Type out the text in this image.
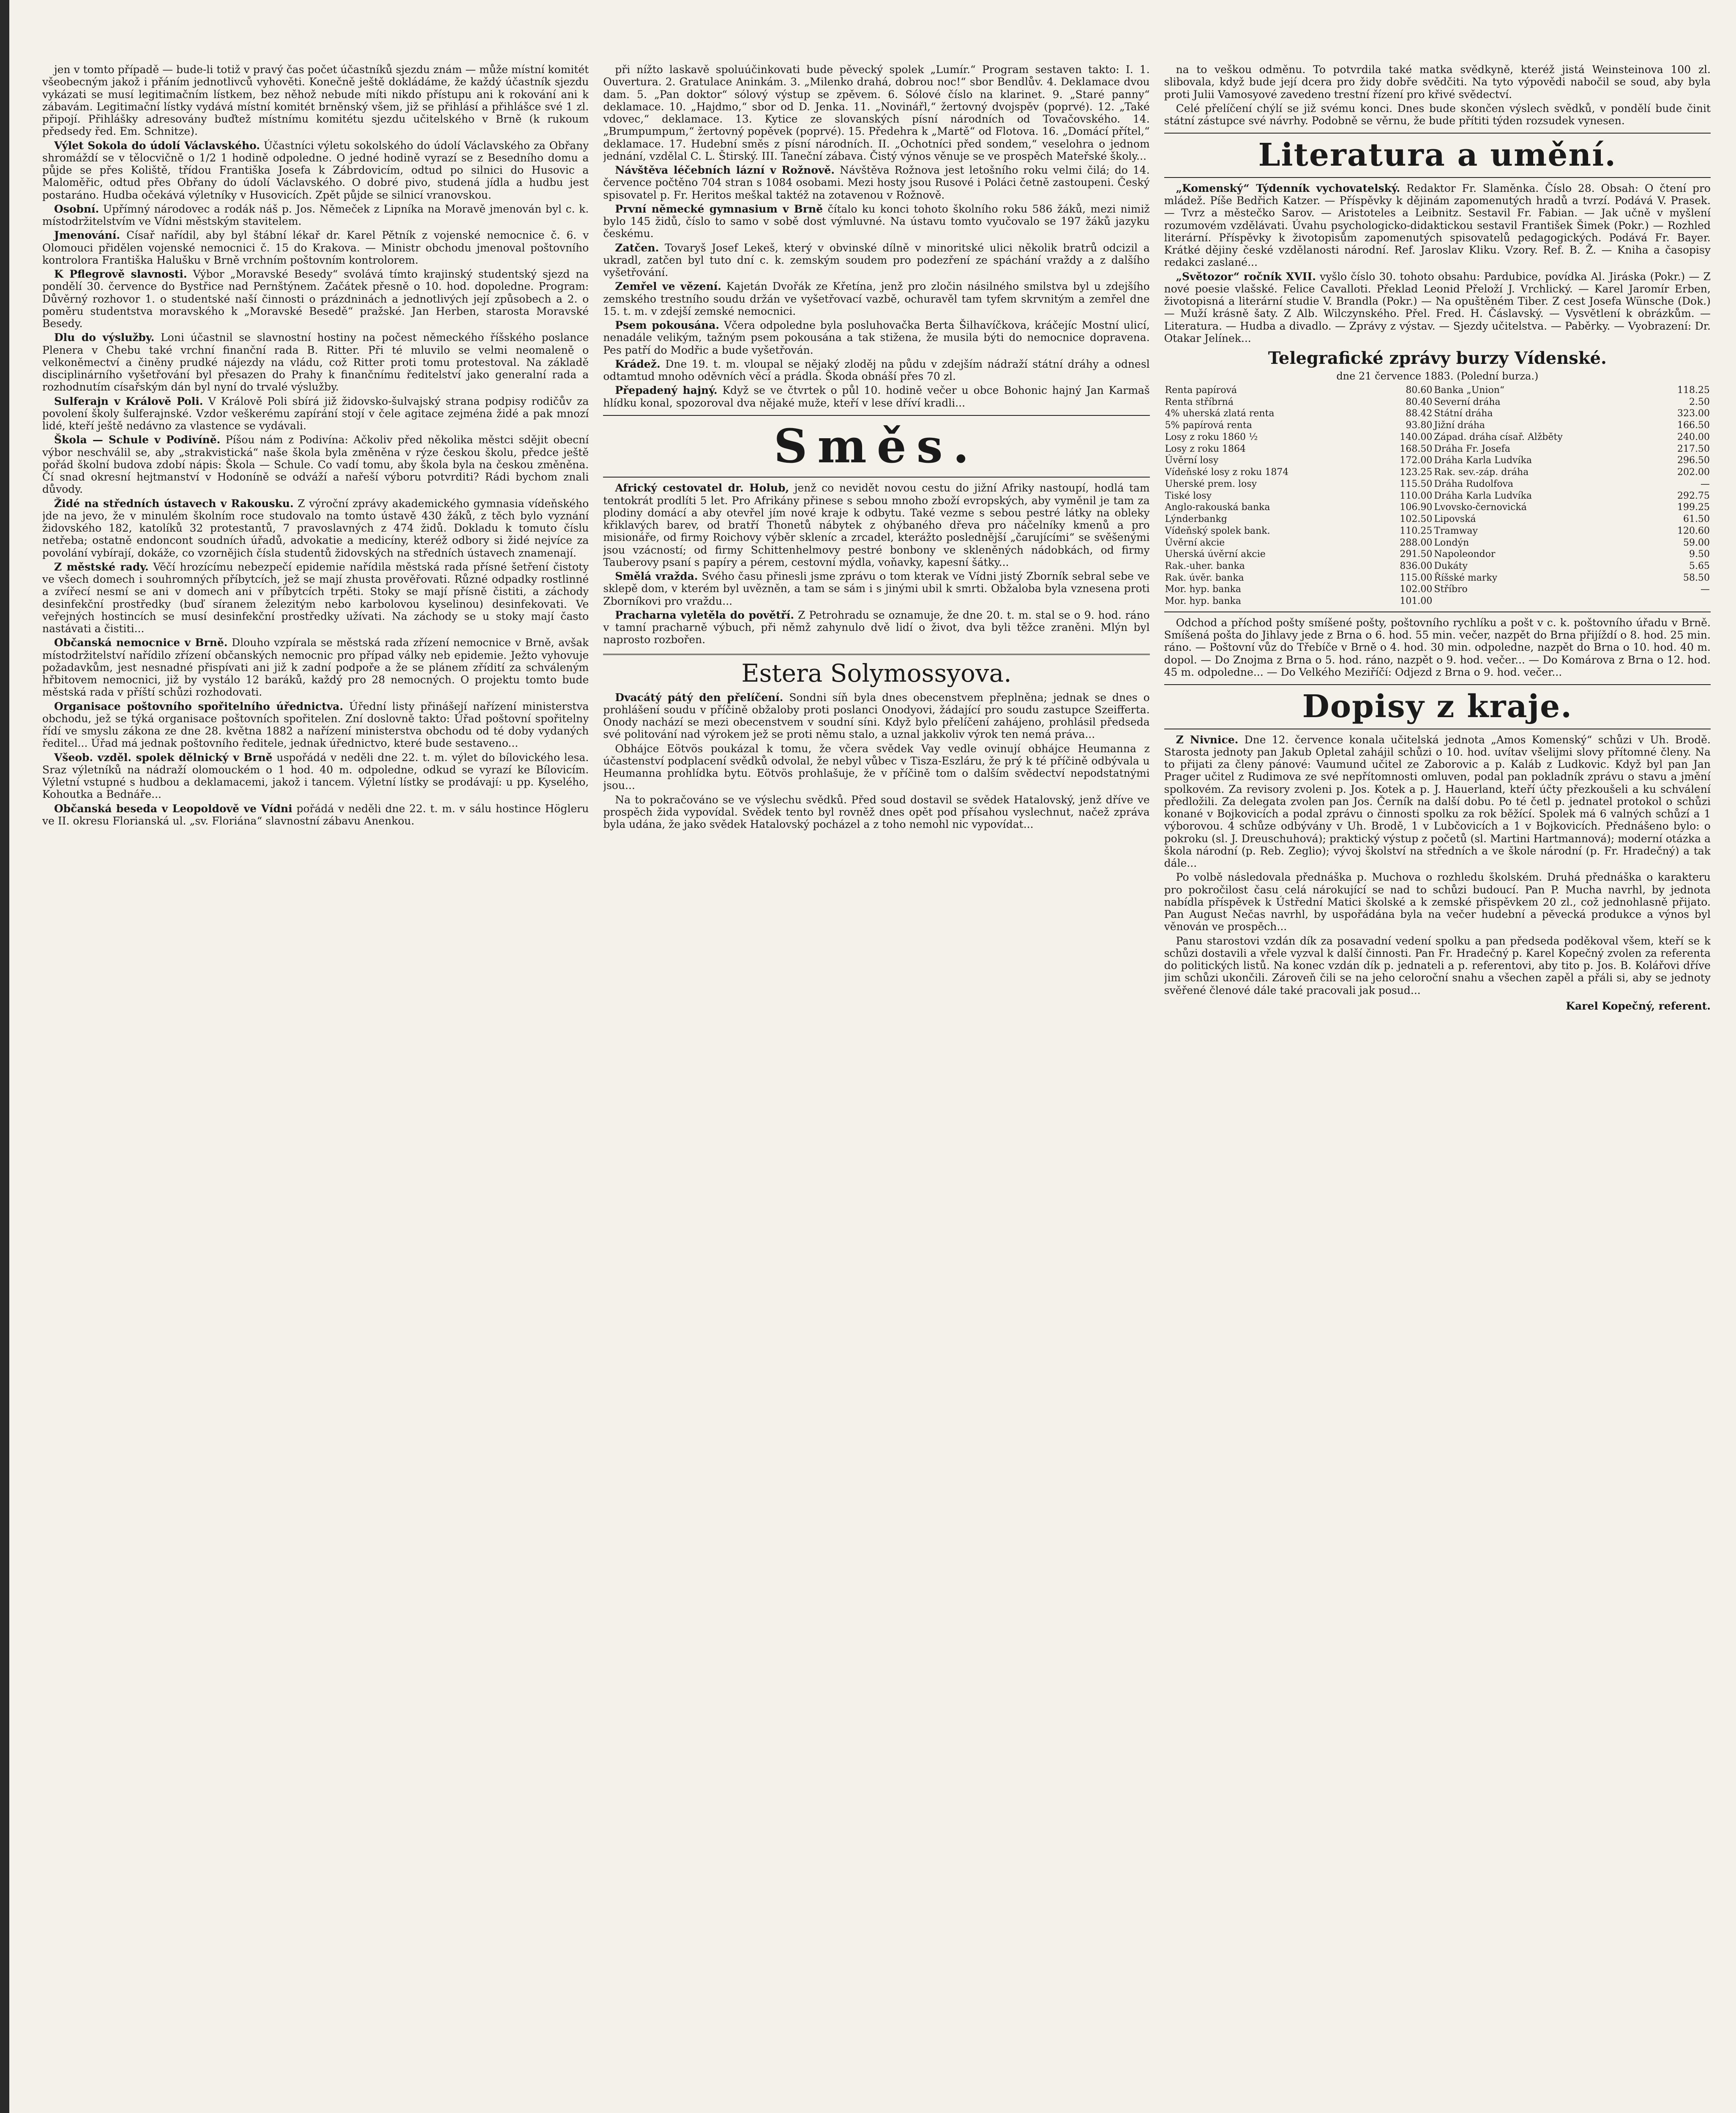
jen v tomto případě — bude-li totiž v pravý čas počet účastníků sjezdu znám — může místní komitét všeobecným jakož i přáním jednotlivců vyhověti. Konečně ještě dokládáme, že každý účastník sjezdu vykázati se musí legitimačním lístkem, bez něhož nebude míti nikdo přístupu ani k rokování ani k zábavám. Legitimační lístky vydává místní komitét brněnský všem, již se přihlásí a přihlášce své 1 zl. připojí. Přihlášky adresovány buďtež místnímu komitétu sjezdu učitelského v Brně (k rukoum předsedy řed. Em. Schnitze).

Výlet Sokola do údolí Václavského. Účastníci výletu sokolského do údolí Václavského za Obřany shromáždí se v tělocvičně o 1/2 1 hodině odpoledne. O jedné hodině vyrazí se z Besedního domu a půjde se přes Koliště, třídou Františka Josefa k Zábrdovicím, odtud po silnici do Husovic a Maloměřic, odtud přes Obřany do údolí Václavského. O dobré pivo, studená jídla a hudbu jest postaráno. Hudba očekává výletníky v Husovicích. Zpět půjde se silnicí vranovskou.

Osobní. Upřímný národovec a rodák náš p. Jos. Němeček z Lipníka na Moravě jmenován byl c. k. místodržitelstvím ve Vídni městským stavitelem.

Jmenování. Císař nařídil, aby byl štábní lékař dr. Karel Pětník z vojenské nemocnice č. 6. v Olomouci přidělen vojenské nemocnici č. 15 do Krakova. — Ministr obchodu jmenoval poštovního kontrolora Františka Halušku v Brně vrchním poštovním kontrolorem.

K Pflegrově slavnosti. Výbor „Moravské Besedy“ svolává tímto krajinský studentský sjezd na pondělí 30. července do Bystřice nad Pernštýnem. Začátek přesně o 10. hod. dopoledne. Program: Důvěrný rozhovor 1. o studentské naší činnosti o prázdninách a jednotlivých její způsobech a 2. o poměru studentstva moravského k „Moravské Besedě“ pražské. Jan Herben, starosta Moravské Besedy.

Dlu do výslužby. Loni účastnil se slavnostní hostiny na počest německého říšského poslance Plenera v Chebu také vrchní finanční rada B. Ritter. Při té mluvilo se velmi neomaleně o velkoněmectví a činěny prudké nájezdy na vládu, což Ritter proti tomu protestoval. Na základě disciplinárního vyšetřování byl přesazen do Prahy k finančnímu ředitelství jako generalní rada a rozhodnutím císařským dán byl nyní do trvalé výslužby.

Sulferajn v Králově Poli. V Králově Poli sbírá již židovsko-šulvajský strana podpisy rodičův za povolení školy šulferajnské. Vzdor veškerému zapírání stojí v čele agitace zejména židé a pak mnozí lidé, kteří ještě nedávno za vlastence se vydávali.

Škola — Schule v Podivíně. Píšou nám z Podivína: Ačkoliv před několika městci sdějit obecní výbor neschválil se, aby „strakvistická“ naše škola byla změněna v rýze českou školu, předce ještě pořád školní budova zdobí nápis: Škola — Schule. Co vadí tomu, aby škola byla na českou změněna. Čí snad okresní hejtmanství v Hodoníně se odváží a nařeší výboru potvrditi? Rádi bychom znali důvody.

Židé na středních ústavech v Rakousku. Z výroční zprávy akademického gymnasia vídeňského jde na jevo, že v minulém školním roce studovalo na tomto ústavě 430 žáků, z těch bylo vyznání židovského 182, katolíků 32 protestantů, 7 pravoslavných z 474 židů. Dokladu k tomuto číslu netřeba; ostatně endoncont soudních úřadů, advokatie a medicíny, kteréž odbory si židé nejvíce za povolání vybírají, dokáže, co vzornějich čísla studentů židovských na středních ústavech znamenají.

Z městské rady. Věčí hrozícímu nebezpečí epidemie nařídila městská rada přísné šetření čistoty ve všech domech i souhromných příbytcích, jež se mají zhusta prověřovati. Různé odpadky rostlinné a zvířecí nesmí se ani v domech ani v příbytcích trpěti. Stoky se mají přísně čistiti, a záchody desinfekční prostředky (buď síranem železitým nebo karbolovou kyselinou) desinfekovati. Ve veřejných hostincích se musí desinfekční prostředky užívati. Na záchody se u stoky mají často nastávati a čistiti...

Občanská nemocnice v Brně. Dlouho vzpírala se městská rada zřízení nemocnice v Brně, avšak místodržitelství nařídilo zřízení občanských nemocnic pro případ války neb epidemie. Ježto vyhovuje požadavkům, jest nesnadné přispívati ani již k zadní podpoře a že se plánem zřídití za schváleným hřbitovem nemocnici, již by vystálo 12 baráků, každý pro 28 nemocných. O projektu tomto bude městská rada v příští schůzi rozhodovati.

Organisace poštovního spořitelního úřednictva. Úřední listy přinášejí nařízení ministerstva obchodu, jež se týká organisace poštovních spořitelen. Zní doslovně takto: Úřad poštovní spořitelny řídí ve smyslu zákona ze dne 28. května 1882 a nařízení ministerstva obchodu od té doby vydaných ředitel... Úřad má jednak poštovního ředitele, jednak úřednictvo, které bude sestaveno...

Všeob. vzděl. spolek dělnický v Brně uspořádá v neděli dne 22. t. m. výlet do bílovického lesa. Sraz výletníků na nádraží olomouckém o 1 hod. 40 m. odpoledne, odkud se vyrazí ke Bílovicím. Výletní vstupné s hudbou a deklamacemi, jakož i tancem. Výletní lístky se prodávají: u pp. Kyselého, Kohoutka a Bednáře...

Občanská beseda v Leopoldově ve Vídni pořádá v neděli dne 22. t. m. v sálu hostince Högleru ve II. okresu Florianská ul. „sv. Floriána“ slavnostní zábavu Anenkou.

při nížto laskavě spoluúčinkovati bude pěvecký spolek „Lumír.“ Program sestaven takto: I. 1. Ouvertura. 2. Gratulace Aninkám. 3. „Milenko drahá, dobrou noc!“ sbor Bendlův. 4. Deklamace dvou dam. 5. „Pan doktor“ sólový výstup se zpěvem. 6. Sólové číslo na klarinet. 9. „Staré panny“ deklamace. 10. „Hajdmo,“ sbor od D. Jenka. 11. „Novinářl,“ žertovný dvojspěv (poprvé). 12. „Také vdovec,“ deklamace. 13. Kytice ze slovanských písní národních od Tovačovského. 14. „Brumpumpum,“ žertovný popěvek (poprvé). 15. Předehra k „Martě“ od Flotova. 16. „Domácí přítel,“ deklamace. 17. Hudební směs z písní národních. II. „Ochotníci před sondem,“ veselohra o jednom jednání, vzdělal C. L. Štirský. III. Taneční zábava. Čistý výnos věnuje se ve prospěch Mateřské školy...

Návštěva léčebních lázní v Rožnově. Návštěva Rožnova jest letošního roku velmi čilá; do 14. července počtěno 704 stran s 1084 osobami. Mezi hosty jsou Rusové i Poláci četně zastoupeni. Český spisovatel p. Fr. Heritos meškal taktéž na zotavenou v Rožnově.

První německé gymnasium v Brně čítalo ku konci tohoto školního roku 586 žáků, mezi nimiž bylo 145 židů, číslo to samo v sobě dost výmluvné. Na ústavu tomto vyučovalo se 197 žáků jazyku českému.

Zatčen. Tovaryš Josef Lekeš, který v obvinské dílně v minoritské ulici několik bratrů odcizil a ukradl, zatčen byl tuto dní c. k. zemským soudem pro podezření ze spáchání vraždy a z dalšího vyšetřování.

Zemřel ve vězení. Kajetán Dvořák ze Křetína, jenž pro zločin násilného smilstva byl u zdejšího zemského trestního soudu držán ve vyšetřovací vazbě, ochuravěl tam tyfem skrvnitým a zemřel dne 15. t. m. v zdejší zemské nemocnici.

Psem pokousána. Včera odpoledne byla posluhovačka Berta Šilhavíčkova, kráčejíc Mostní ulicí, nenadále velikým, tažným psem pokousána a tak stižena, že musila býti do nemocnice dopravena. Pes patří do Modřic a bude vyšetřován.

Krádež. Dne 19. t. m. vloupal se nějaký zloděj na půdu v zdejším nádraží státní dráhy a odnesl odtamtud mnoho oděvních věcí a prádla. Škoda obnáší přes 70 zl.

Přepadený hajný. Když se ve čtvrtek o půl 10. hodině večer u obce Bohonic hajný Jan Karmaš hlídku konal, spozoroval dva nějaké muže, kteří v lese dříví kradli...

Směs.

Africký cestovatel dr. Holub, jenž co nevidět novou cestu do jižní Afriky nastoupí, hodlá tam tentokrát prodlíti 5 let. Pro Afrikány přinese s sebou mnoho zboží evropských, aby vyměnil je tam za plodiny domácí a aby otevřel jím nové kraje k odbytu. Také vezme s sebou pestré látky na obleky křiklavých barev, od bratří Thonetů nábytek z ohýbaného dřeva pro náčelníky kmenů a pro misionáře, od firmy Roichovy výběr skleníc a zrcadel, kterážto poslednější „čarujícími“ se svěšenými jsou vzácností; od firmy Schittenhelmovy pestré bonbony ve skleněných nádobkách, od firmy Tauberovy psaní s papíry a pérem, cestovní mýdla, voňavky, kapesní šátky...

Smělá vražda. Svého času přinesli jsme zprávu o tom kterak ve Vídni jistý Zborník sebral sebe ve sklepě dom, v kterém byl uvězněn, a tam se sám i s jinými ubil k smrti. Obžaloba byla vznesena proti Zborníkovi pro vraždu...

Pracharna vyletěla do povětří. Z Petrohradu se oznamuje, že dne 20. t. m. stal se o 9. hod. ráno v tamní pracharně výbuch, při němž zahynulo dvě lidí o život, dva byli těžce zraněni. Mlýn byl naprosto rozbořen.

Estera Solymossyova.

Dvacátý pátý den přelíčení. Sondni síň byla dnes obecenstvem přeplněna; jednak se dnes o prohlášení soudu v příčině obžaloby proti poslanci Onodyovi, žádající pro soudu zastupce Szeifferta. Onody nachází se mezi obecenstvem v soudní síni. Když bylo přelíčení zahájeno, prohlásil předseda své politování nad výrokem jež se proti němu stalo, a uznal jakkoliv výrok ten nemá práva...

Obhájce Eötvös poukázal k tomu, že včera svědek Vay vedle ovinují obhájce Heumanna z účastenství podplacení svědků odvolal, že nebyl vůbec v Tisza-Eszláru, že prý k té příčině odbývala u Heumanna prohlídka bytu. Eötvös prohlašuje, že v příčině tom o dalším svědectví nepodstatnými jsou...

Na to pokračováno se ve výslechu svědků. Před soud dostavil se svědek Hatalovský, jenž dříve ve prospěch žida vypovídal. Svědek tento byl rovněž dnes opět pod přísahou vyslechnut, načež zpráva byla udána, že jako svědek Hatalovský pocházel a z toho nemohl nic vypovídat...

na to veškou odměnu. To potvrdila také matka svědkyně, kteréž jistá Weinsteinova 100 zl. slibovala, když bude její dcera pro židy dobře svědčiti. Na tyto výpovědi nabočil se soud, aby byla proti Julii Vamosyové zavedeno trestní řízení pro křivé svědectví.

Celé přelíčení chýlí se již svému konci. Dnes bude skončen výslech svědků, v pondělí bude činit státní zástupce své návrhy. Podobně se věrnu, že bude přítiti týden rozsudek vynesen.

Literatura a umění.

„Komenský“ Týdenník vychovatelský. Redaktor Fr. Slaměnka. Číslo 28. Obsah: O čtení pro mládež. Píše Bedřich Katzer. — Příspěvky k dějinám zapomenutých hradů a tvrzí. Podává V. Prasek. — Tvrz a městečko Sarov. — Aristoteles a Leibnitz. Sestavil Fr. Fabian. — Jak učně v myšlení rozumovém vzdělávati. Úvahu psychologicko-didaktickou sestavil František Šimek (Pokr.) — Rozhled literární. Příspěvky k životopisům zapomenutých spisovatelů pedagogických. Podává Fr. Bayer. Krátké dějiny české vzdělanosti národní. Ref. Jaroslav Kliku. Vzory. Ref. B. Ž. — Kniha a časopisy redakci zaslané...

„Světozor“ ročník XVII. vyšlo číslo 30. tohoto obsahu: Pardubice, povídka Al. Jiráska (Pokr.) — Z nové poesie vlašské. Felice Cavalloti. Překlad Leonid Přeloží J. Vrchlický. — Karel Jaromír Erben, životopisná a literární studie V. Brandla (Pokr.) — Na opuštěném Tiber. Z cest Josefa Wünsche (Dok.) — Muží krásně šaty. Z Alb. Wilczynského. Přel. Fred. H. Čáslavský. — Vysvětlení k obrázkům. — Literatura. — Hudba a divadlo. — Zprávy z výstav. — Sjezdy učitelstva. — Paběrky. — Vyobrazení: Dr. Otakar Jelínek...

Telegrafické zprávy burzy Vídenské.
dne 21 července 1883. (Polední burza.)
Renta papírová	80.60	Banka „Union“	118.25
Renta stříbrná	80.40	Severní dráha	2.50
4% uherská zlatá renta	88.42	Státní dráha	323.00
5% papírová renta	93.80	Jižní dráha	166.50
Losy z roku 1860 ½	140.00	Západ. dráha císař. Alžběty	240.00
Losy z roku 1864	168.50	Dráha Fr. Josefa	217.50
Úvěrní losy	172.00	Dráha Karla Ludvíka	296.50
Vídeňské losy z roku 1874	123.25	Rak. sev.-záp. dráha	202.00
Uherské prem. losy	115.50	Dráha Rudolfova	—
Tiské losy	110.00	Dráha Karla Ludvíka	292.75
Anglo-rakouská banka	106.90	Lvovsko-černovická	199.25
Lýnderbankg	102.50	Lipovská	61.50
Vídeňský spolek bank.	110.25	Tramway	120.60
Úvěrní akcie	288.00	Londýn	59.00
Uherská úvěrní akcie	291.50	Napoleondor	9.50
Rak.-uher. banka	836.00	Dukáty	5.65
Rak. úvěr. banka	115.00	Říšské marky	58.50
Mor. hyp. banka	102.00	Stříbro	—
Mor. hyp. banka	101.00		

Odchod a příchod pošty smíšené pošty, poštovního rychlíku a pošt v c. k. poštovního úřadu v Brně. Smíšená pošta do Jihlavy jede z Brna o 6. hod. 55 min. večer, nazpět do Brna přijíždí o 8. hod. 25 min. ráno. — Poštovní vůz do Třebíče v Brně o 4. hod. 30 min. odpoledne, nazpět do Brna o 10. hod. 40 m. dopol. — Do Znojma z Brna o 5. hod. ráno, nazpět o 9. hod. večer... — Do Komárova z Brna o 12. hod. 45 m. odpoledne... — Do Velkého Meziříčí: Odjezd z Brna o 9. hod. večer...

Dopisy z kraje.

Z Nivnice. Dne 12. července konala učitelská jednota „Amos Komenský“ schůzi v Uh. Brodě. Starosta jednoty pan Jakub Opletal zahájil schůzi o 10. hod. uvítav všelijmi slovy přítomné členy. Na to přijati za členy pánové: Vaumund učitel ze Zaborovic a p. Kaláb z Ludkovic. Když byl pan Jan Prager učitel z Rudimova ze své nepřítomnosti omluven, podal pan pokladník zprávu o stavu a jmění spolkovém. Za revisory zvoleni p. Jos. Kotek a p. J. Hauerland, kteří účty přezkoušeli a ku schválení předložili. Za delegata zvolen pan Jos. Černík na další dobu. Po té četl p. jednatel protokol o schůzi konané v Bojkovicích a podal zprávu o činnosti spolku za rok běžící. Spolek má 6 valných schůzí a 1 výborovou. 4 schůze odbývány v Uh. Brodě, 1 v Lubčovicích a 1 v Bojkovicích. Přednášeno bylo: o pokroku (sl. J. Dreuschuhová); praktický výstup z početů (sl. Martini Hartmannová); moderní otázka a škola národní (p. Reb. Zeglio); vývoj školství na středních a ve škole národní (p. Fr. Hradečný) a tak dále...

Po volbě následovala přednáška p. Muchova o rozhledu školském. Druhá přednáška o karakteru pro pokročilost času celá nárokující se nad to schůzi budoucí. Pan P. Mucha navrhl, by jednota nabídla příspěvek k Ústřední Matici školské a k zemské přispěvkem 20 zl., což jednohlasně přijato. Pan August Nečas navrhl, by uspořádána byla na večer hudební a pěvecká produkce a výnos byl věnován ve prospěch...

Panu starostovi vzdán dík za posavadní vedení spolku a pan předseda poděkoval všem, kteří se k schůzi dostavili a vřele vyzval k další činnosti. Pan Fr. Hradečný p. Karel Kopečný zvolen za referenta do politických listů. Na konec vzdán dík p. jednateli a p. referentovi, aby tito p. Jos. B. Kolářovi dříve jim schůzi ukončili. Zároveň čili se na jeho celoroční snahu a všechen zapěl a přáli si, aby se jednoty svěřené členové dále také pracovali jak posud...

Karel Kopečný, referent.
